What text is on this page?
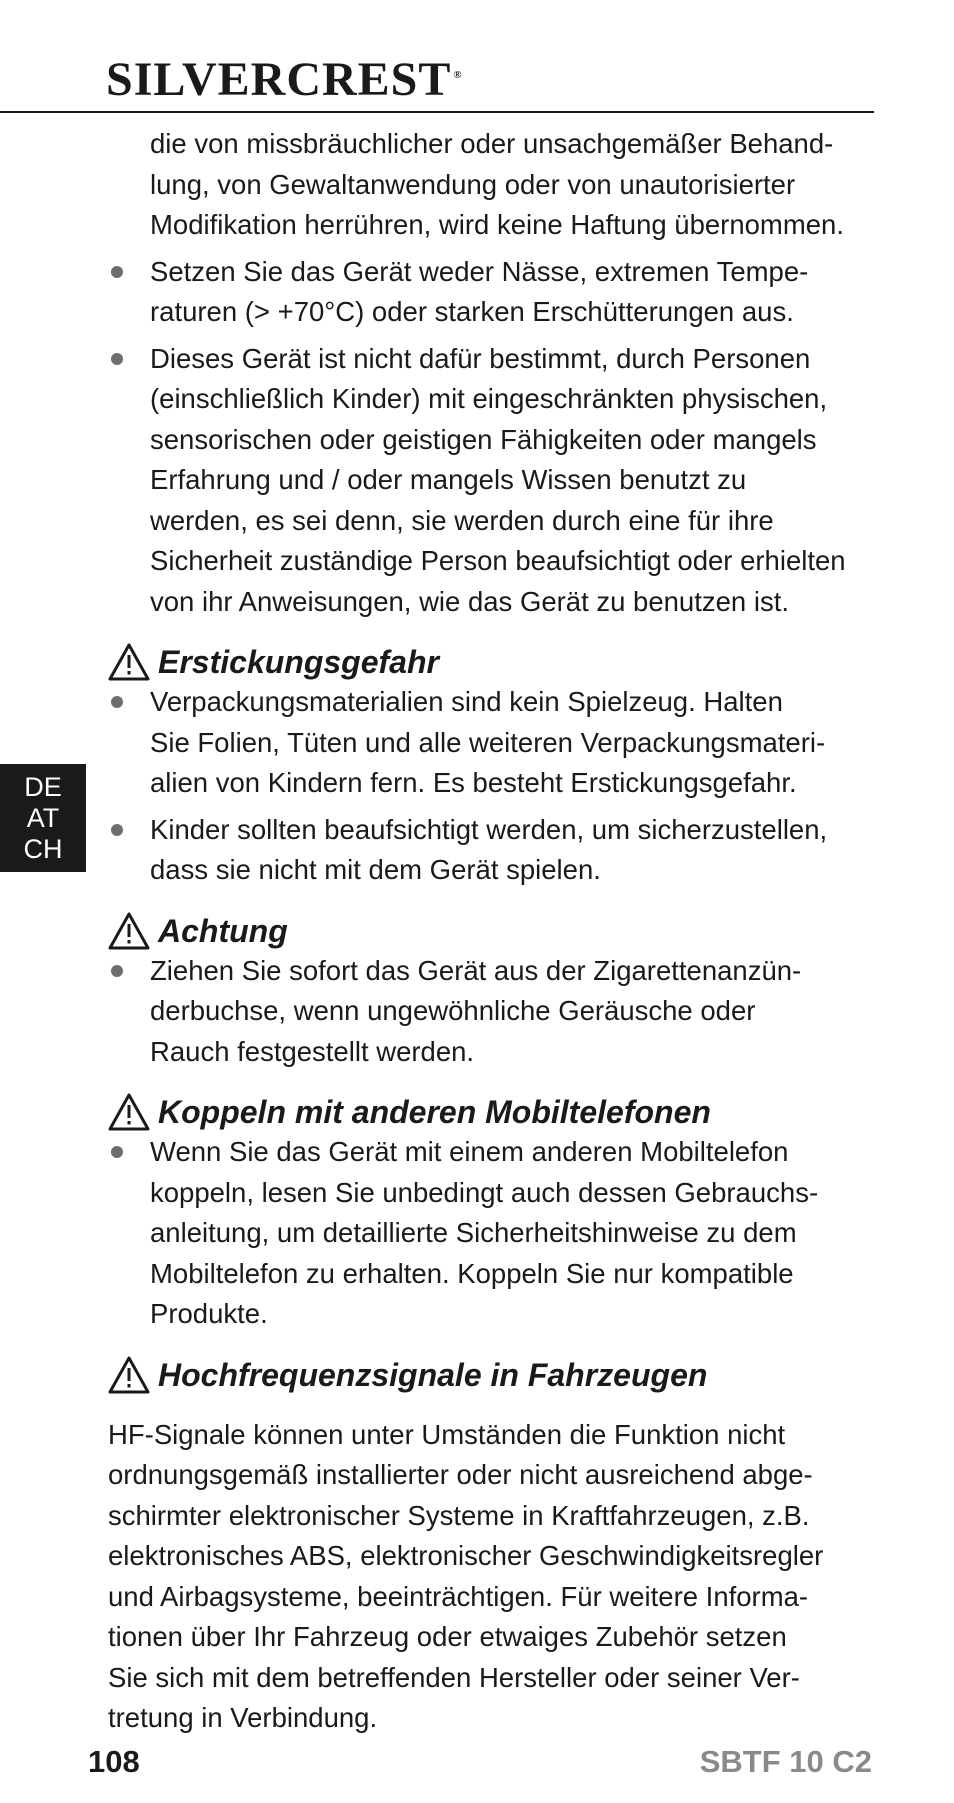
SILVERCREST ®
DE
AT
CH

die von missbräuchlicher oder unsachgemäßer Behand-
lung, von Gewaltanwendung oder von unautorisierter
Modifikation herrühren, wird keine Haftung übernommen.

Setzen Sie das Gerät weder Nässe, extremen Tempe-
raturen (> +70°C) oder starken Erschütterungen aus.
Dieses Gerät ist nicht dafür bestimmt, durch Personen
(einschließlich Kinder) mit eingeschränkten physischen,
sensorischen oder geistigen Fähigkeiten oder mangels
Erfahrung und / oder mangels Wissen benutzt zu
werden, es sei denn, sie werden durch eine für ihre
Sicherheit zuständige Person beaufsichtigt oder erhielten
von ihr Anweisungen, wie das Gerät zu benutzen ist.
Erstickungsgefahr
Verpackungsmaterialien sind kein Spielzeug. Halten
Sie Folien, Tüten und alle weiteren Verpackungsmateri-
alien von Kindern fern. Es besteht Erstickungsgefahr.
Kinder sollten beaufsichtigt werden, um sicherzustellen,
dass sie nicht mit dem Gerät spielen.
Achtung
Ziehen Sie sofort das Gerät aus der Zigarettenanzün-
derbuchse, wenn ungewöhnliche Geräusche oder
Rauch festgestellt werden.
Koppeln mit anderen Mobiltelefonen
Wenn Sie das Gerät mit einem anderen Mobiltelefon
koppeln, lesen Sie unbedingt auch dessen Gebrauchs-
anleitung, um detaillierte Sicherheitshinweise zu dem
Mobiltelefon zu erhalten. Koppeln Sie nur kompatible
Produkte.
Hochfrequenzsignale in Fahrzeugen

HF-Signale können unter Umständen die Funktion nicht
ordnungsgemäß installierter oder nicht ausreichend abge-
schirmter elektronischer Systeme in Kraftfahrzeugen, z.B.
elektronisches ABS, elektronischer Geschwindigkeitsregler
und Airbagsysteme, beeinträchtigen. Für weitere Informa-
tionen über Ihr Fahrzeug oder etwaiges Zubehör setzen
Sie sich mit dem betreffenden Hersteller oder seiner Ver-
tretung in Verbindung.

108	SBTF 10 C2
